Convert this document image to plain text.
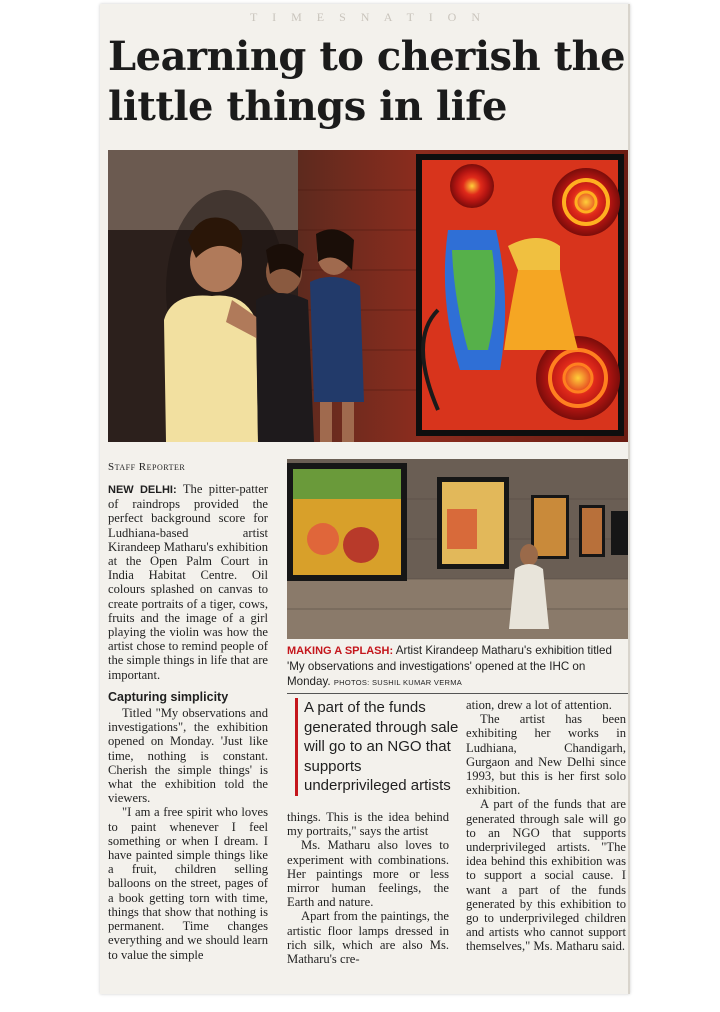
T I M E S N A T I O N
Learning to cherish the
little things in life
Staff Reporter

NEW DELHI: The pitter-patter of raindrops provided the perfect background score for Ludhiana-based artist Kirandeep Matharu's exhibition at the Open Palm Court in India Habitat Centre. Oil colours splashed on canvas to create portraits of a tiger, cows, fruits and the image of a girl playing the violin was how the artist chose to remind people of the simple things in life that are important.

Capturing simplicity

Titled "My observations and investigations", the exhibition opened on Monday. 'Just like time, nothing is constant. Cherish the simple things' is what the exhibition told the viewers.

"I am a free spirit who loves to paint whenever I feel something or when I dream. I have painted simple things like a fruit, children selling balloons on the street, pages of a book getting torn with time, things that show that nothing is permanent. Time changes everything and we should learn to value the simple

MAKING A SPLASH: Artist Kirandeep Matharu's exhibition titled 'My observations and investigations' opened at the IHC on Monday. PHOTOS: SUSHIL KUMAR VERMA
A part of the funds generated through sale will go to an NGO that supports underprivileged artists

things. This is the idea behind my portraits," says the artist

Ms. Matharu also loves to experiment with combinations. Her paintings more or less mirror human feelings, the Earth and nature.

Apart from the paintings, the artistic floor lamps dressed in rich silk, which are also Ms. Matharu's cre-

ation, drew a lot of attention.

The artist has been exhibiting her works in Ludhiana, Chandigarh, Gurgaon and New Delhi since 1993, but this is her first solo exhibition.

A part of the funds that are generated through sale will go to an NGO that supports underprivileged artists. "The idea behind this exhibition was to support a social cause. I want a part of the funds generated by this exhibition to go to underprivileged children and artists who cannot support themselves," Ms. Matharu said.
